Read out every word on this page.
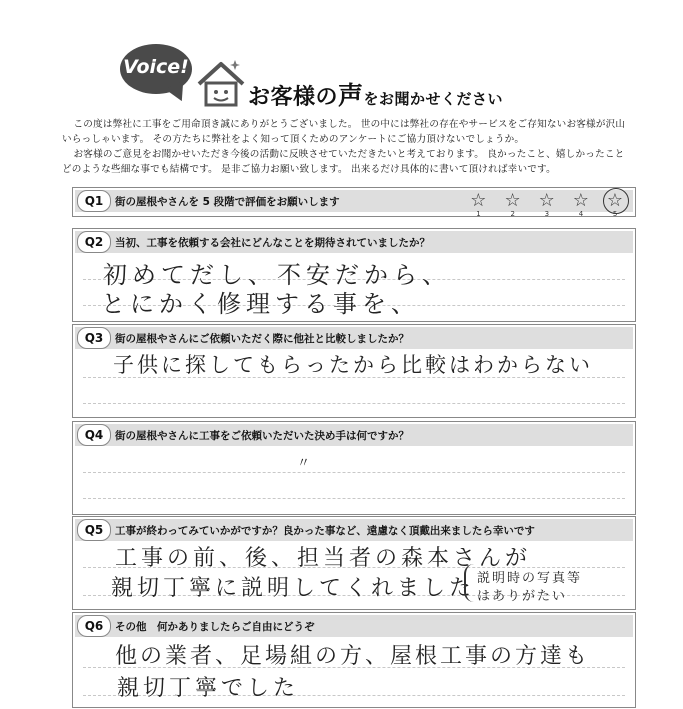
Voice!
お客様の声をお聞かせください

この度は弊社に工事をご用命頂き誠にありがとうございました。 世の中には弊社の存在やサービスをご存知ないお客様が沢山いらっしゃいます。 その方たちに弊社をよく知って頂くためのアンケートにご協力頂けないでしょうか。

お客様のご意見をお聞かせいただき今後の活動に反映させていただきたいと考えております。 良かったこと、嬉しかったことどのような些細な事でも結構です。 是非ご協力お願い致します。 出来るだけ具体的に書いて頂ければ幸いです。

Q1	街の屋根やさんを 5 段階で評価をお願いします	☆
1
☆
2
☆
3
☆
4
☆
5
Q2	当初、工事を依頼する会社にどんなことを期待されていましたか？
初めてだし、不安だから、
とにかく修理する事を、
Q3	街の屋根やさんにご依頼いただく際に他社と比較しましたか？
子供に探してもらったから比較はわからない
Q4	街の屋根やさんに工事をご依頼いただいた決め手は何ですか？
〃
Q5	工事が終わってみていかがですか？良かった事など、遠慮なく頂戴出来ましたら幸いです
工事の前、後、担当者の森本さんが
親切丁寧に説明してくれました 説明時の写真等
はありがたい
Q6	その他　何かありましたらご自由にどうぞ
他の業者、足場組の方、屋根工事の方達も
親切丁寧でした
